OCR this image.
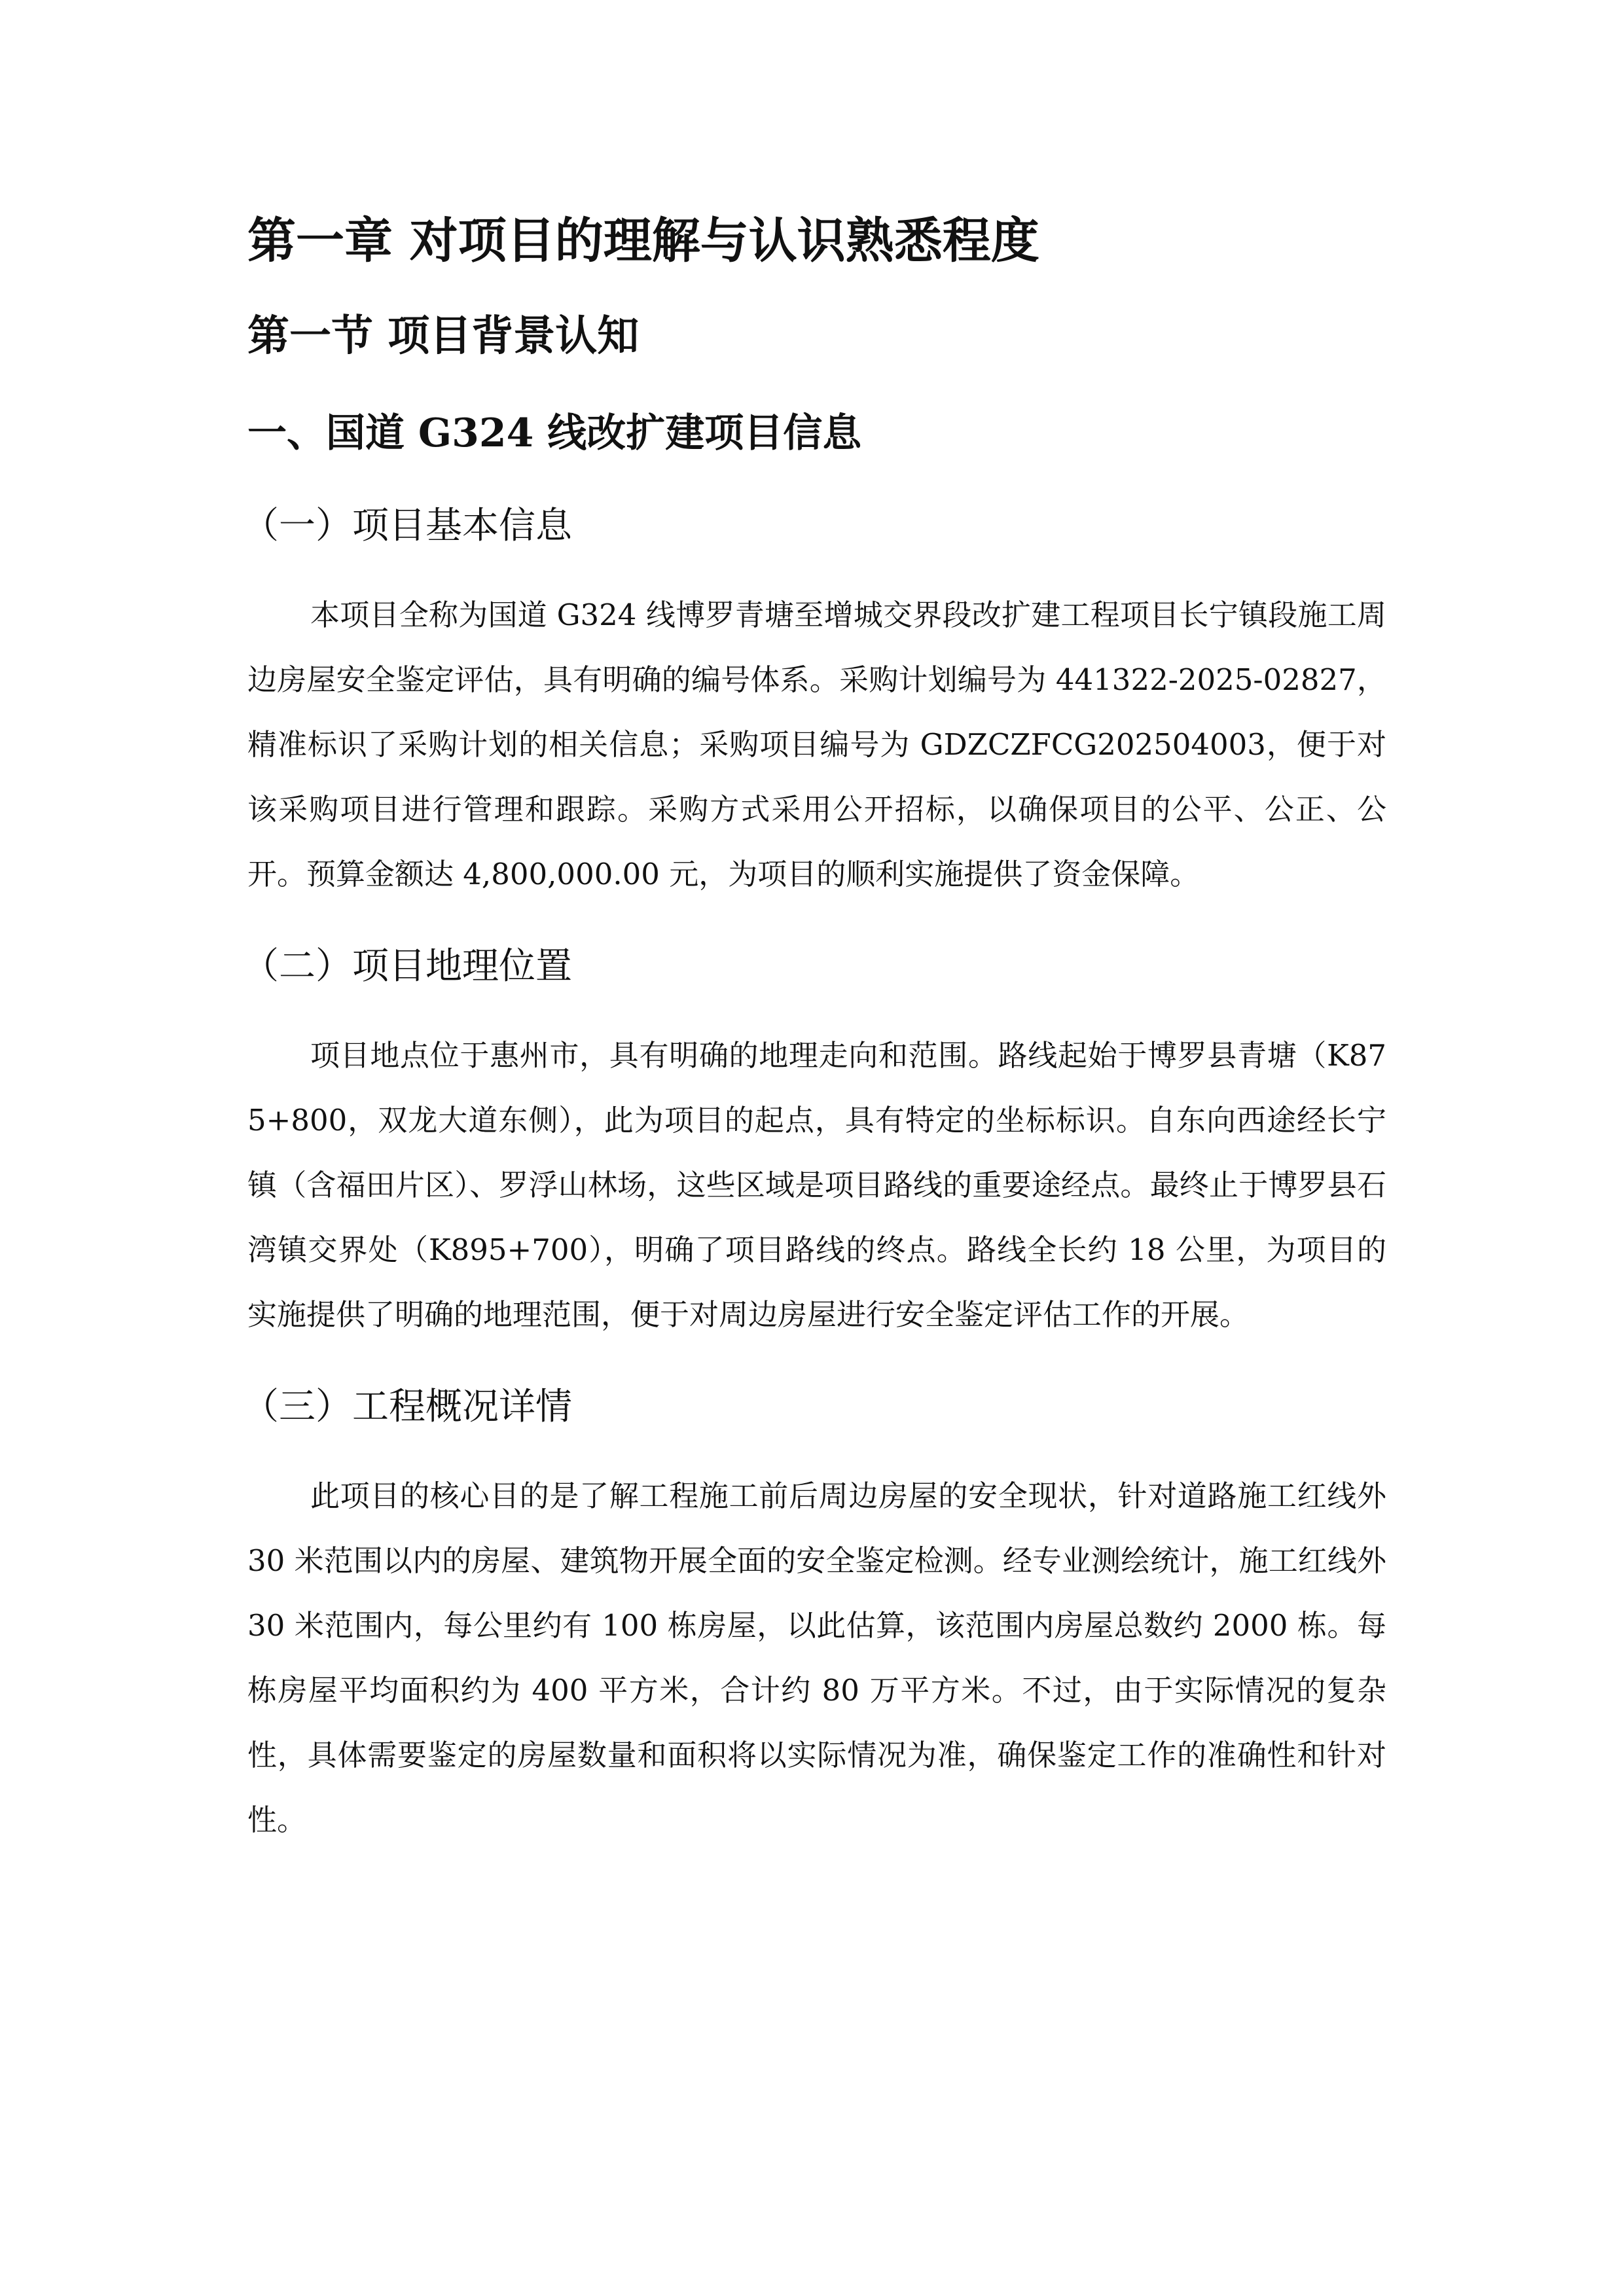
第一章 对项目的理解与认识熟悉程度
第一节 项目背景认知
一、国道 G324 线改扩建项目信息
（一）项目基本信息

本项目全称为国道 G324 线博罗青塘至增城交界段改扩建工程项目长宁镇段施工周边房屋安全鉴定评估，具有明确的编号体系。采购计划编号为 441322-2025-02827，精准标识了采购计划的相关信息；采购项目编号为 GDZCZFCG202504003，便于对该采购项目进行管理和跟踪。采购方式采用公开招标，以确保项目的公平、公正、公开。预算金额达 4,800,000.00 元，为项目的顺利实施提供了资金保障。

（二）项目地理位置

项目地点位于惠州市，具有明确的地理走向和范围。路线起始于博罗县青塘（K875+800，双龙大道东侧），此为项目的起点，具有特定的坐标标识。自东向西途经长宁镇（含福田片区）、罗浮山林场，这些区域是项目路线的重要途经点。最终止于博罗县石湾镇交界处（K895+700），明确了项目路线的终点。路线全长约 18 公里，为项目的实施提供了明确的地理范围，便于对周边房屋进行安全鉴定评估工作的开展。

（三）工程概况详情

此项目的核心目的是了解工程施工前后周边房屋的安全现状，针对道路施工红线外 30 米范围以内的房屋、建筑物开展全面的安全鉴定检测。经专业测绘统计，施工红线外 30 米范围内，每公里约有 100 栋房屋，以此估算，该范围内房屋总数约 2000 栋。每栋房屋平均面积约为 400 平方米，合计约 80 万平方米。不过，由于实际情况的复杂性，具体需要鉴定的房屋数量和面积将以实际情况为准，确保鉴定工作的准确性和针对性。
